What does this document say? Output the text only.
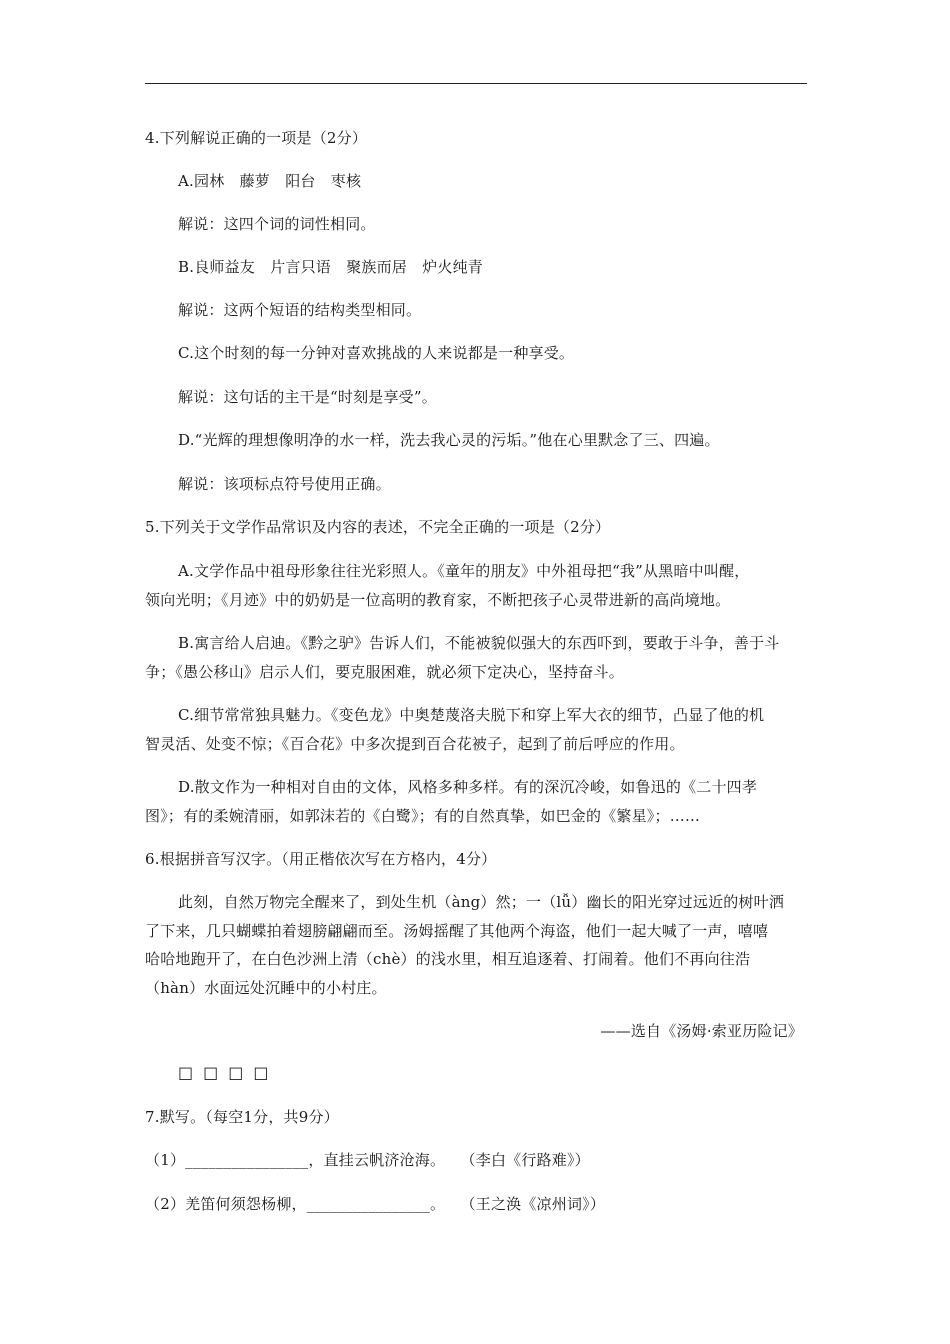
4.下列解说正确的一项是（2分）
A.园林　藤萝　阳台　枣核
解说：这四个词的词性相同。
B.良师益友　片言只语　聚族而居　炉火纯青
解说：这两个短语的结构类型相同。
C.这个时刻的每一分钟对喜欢挑战的人来说都是一种享受。
解说：这句话的主干是“时刻是享受”。
D.“光辉的理想像明净的水一样，洗去我心灵的污垢。”他在心里默念了三、四遍。
解说：该项标点符号使用正确。
5.下列关于文学作品常识及内容的表述，不完全正确的一项是（2分）
A.文学作品中祖母形象往往光彩照人。《童年的朋友》中外祖母把“我”从黑暗中叫醒，
领向光明；《月迹》中的奶奶是一位高明的教育家，不断把孩子心灵带进新的高尚境地。
B.寓言给人启迪。《黔之驴》告诉人们，不能被貌似强大的东西吓到，要敢于斗争，善于斗
争；《愚公移山》启示人们，要克服困难，就必须下定决心，坚持奋斗。
C.细节常常独具魅力。《变色龙》中奥楚蔑洛夫脱下和穿上军大衣的细节，凸显了他的机
智灵活、处变不惊；《百合花》中多次提到百合花被子，起到了前后呼应的作用。
D.散文作为一种相对自由的文体，风格多种多样。有的深沉冷峻，如鲁迅的《二十四孝
图》；有的柔婉清丽，如郭沫若的《白鹭》；有的自然真挚，如巴金的《繁星》；……
6.根据拼音写汉字。（用正楷依次写在方格内，4分）
此刻，自然万物完全醒来了，到处生机（àng）然；一（lǚ）幽长的阳光穿过远近的树叶洒
了下来，几只蝴蝶拍着翅膀翩翩而至。汤姆摇醒了其他两个海盗，他们一起大喊了一声，嘻嘻
哈哈地跑开了，在白色沙洲上清（chè）的浅水里，相互追逐着、打闹着。他们不再向往浩
（hàn）水面远处沉睡中的小村庄。
——选自《汤姆·索亚历险记》
□□□□
7.默写。（每空1分，共9分）
（1）________________，直挂云帆济沧海。　　（李白《行路难》）
（2）羌笛何须怨杨柳，________________。　　（王之涣《凉州词》）
